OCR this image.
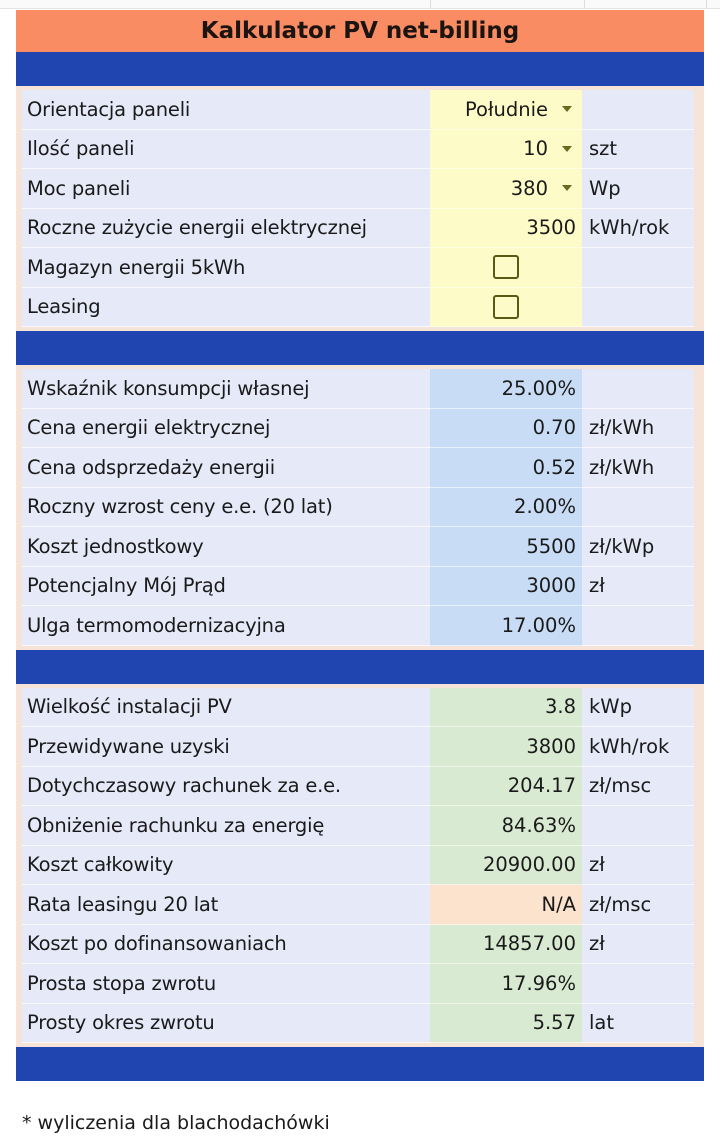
Kalkulator PV net-billing
Orientacja paneli	Południe
Ilość paneli	10	szt
Moc paneli	380	Wp
Roczne zużycie energii elektrycznej	3500 kWh/rok
Magazyn energii 5kWh
Leasing
Wskaźnik konsumpcji własnej	25.00%
Cena energii elektrycznej	0.70 zł/kWh
Cena odsprzedaży energii	0.52 zł/kWh
Roczny wzrost ceny e.e. (20 lat)	2.00%
Koszt jednostkowy	5500 zł/kWp
Potencjalny Mój Prąd	3000 zł
Ulga termomodernizacyjna	17.00%
Wielkość instalacji PV	3.8 kWp
Przewidywane uzyski	3800 kWh/rok
Dotychczasowy rachunek za e.e.	204.17 zł/msc
Obniżenie rachunku za energię	84.63%
Koszt całkowity	20900.00 zł
Rata leasingu 20 lat	N/A zł/msc
Koszt po dofinansowaniach	14857.00 zł
Prosta stopa zwrotu	17.96%
Prosty okres zwrotu	5.57 lat
* wyliczenia dla blachodachówki
